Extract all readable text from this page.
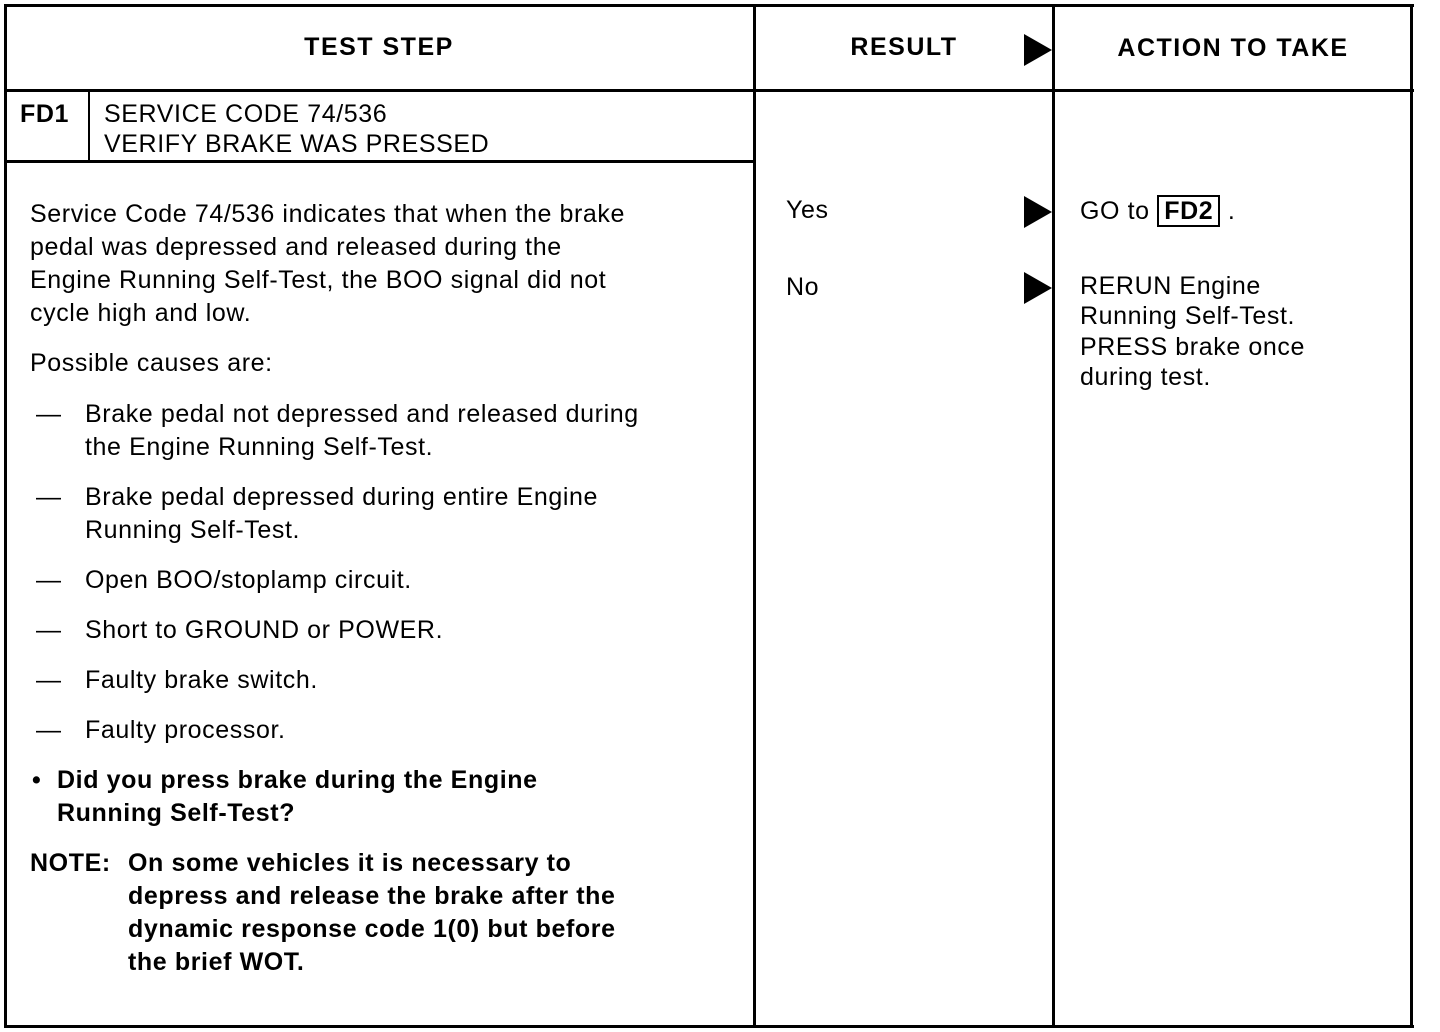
TEST STEP	RESULT	ACTION TO TAKE
FD1 SERVICE CODE 74/536
VERIFY BRAKE WAS PRESSED
Service Code 74/536 indicates that when the brake
pedal was depressed and released during the
Engine Running Self-Test, the BOO signal did not
cycle high and low.
Possible causes are:
— Brake pedal not depressed and released during
the Engine Running Self-Test.
— Brake pedal depressed during entire Engine
Running Self-Test.
— Open BOO/stoplamp circuit.
— Short to GROUND or POWER.
— Faulty brake switch.
— Faulty processor.
• Did you press brake during the Engine
Running Self-Test?
NOTE: On some vehicles it is necessary to
depress and release the brake after the
dynamic response code 1(0) but before
the brief WOT.
Yes
No
GO to FD2 .
RERUN Engine
Running Self-Test.
PRESS brake once
during test.
